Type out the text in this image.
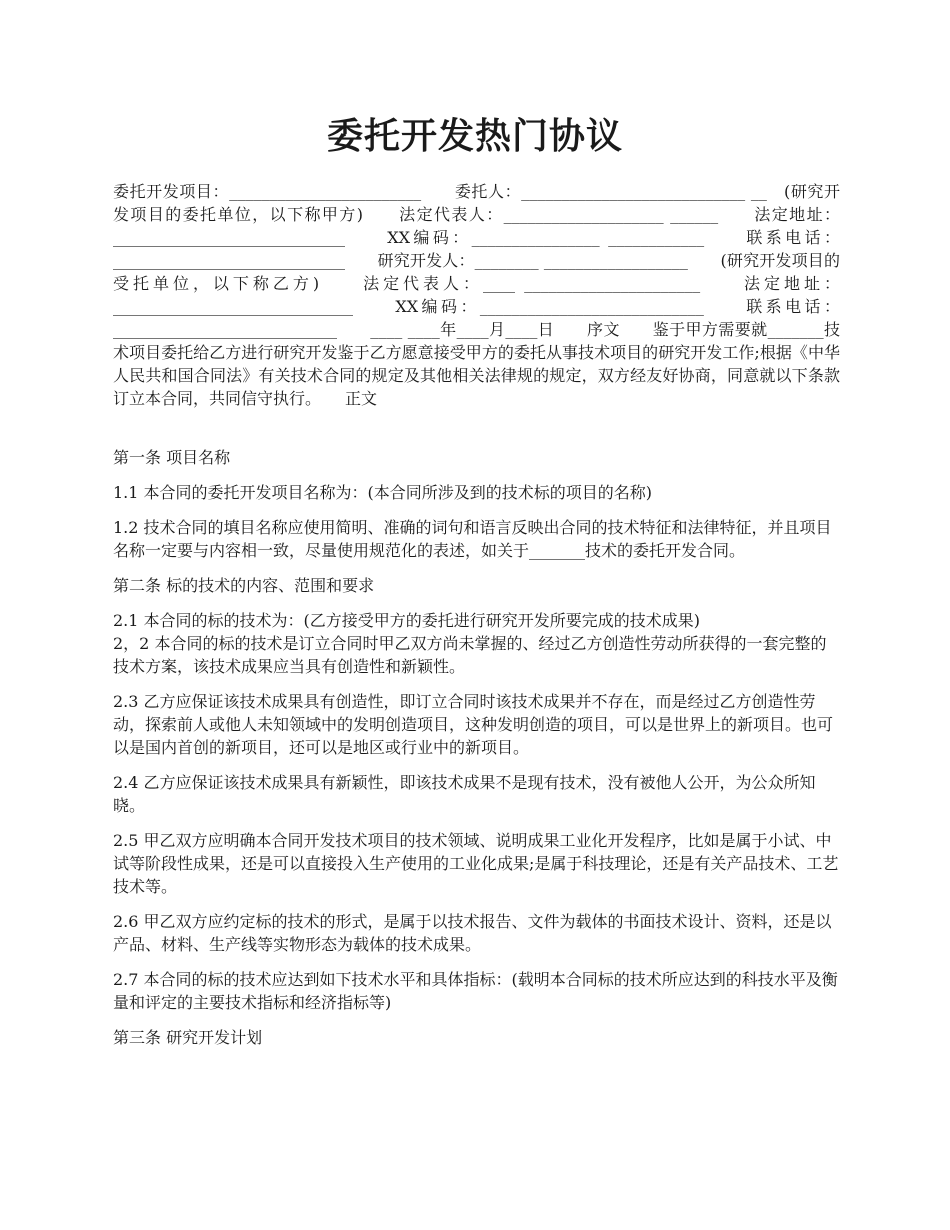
委托开发热门协议
委托开发项目：________________________　　委托人：____________________________ __　(研究开发项目的委托单位，以下称甲方)　　法定代表人：____________________ ______　　法定地址：_____________________________　　XX编码：________________ ____________　　联系电话：_____________________________　　研究开发人：________ __________________　　(研究开发项目的受托单位，以下称乙方)　　法定代表人：____ ______________________　　法定地址：______________________________　　XX编码：____________________________　　联系电话：____________________________　　____ ____年____月____日　　序文　　鉴于甲方需要就_______技术项目委托给乙方进行研究开发鉴于乙方愿意接受甲方的委托从事技术项目的研究开发工作;根据《中华人民共和国合同法》有关技术合同的规定及其他相关法律规的规定，双方经友好协商，同意就以下条款订立本合同，共同信守执行。　　正文

第一条 项目名称

1.1 本合同的委托开发项目名称为：(本合同所涉及到的技术标的项目的名称)

1.2 技术合同的填目名称应使用简明、准确的词句和语言反映出合同的技术特征和法律特征，并且项目名称一定要与内容相一致，尽量使用规范化的表述，如关于_______技术的委托开发合同。

第二条 标的技术的内容、范围和要求

2.1 本合同的标的技术为：(乙方接受甲方的委托进行研究开发所要完成的技术成果)

2，2 本合同的标的技术是订立合同时甲乙双方尚未掌握的、经过乙方创造性劳动所获得的一套完整的技术方案，该技术成果应当具有创造性和新颖性。

2.3 乙方应保证该技术成果具有创造性，即订立合同时该技术成果并不存在，而是经过乙方创造性劳动，探索前人或他人未知领域中的发明创造项目，这种发明创造的项目，可以是世界上的新项目。也可以是国内首创的新项目，还可以是地区或行业中的新项目。

2.4 乙方应保证该技术成果具有新颖性，即该技术成果不是现有技术，没有被他人公开，为公众所知晓。

2.5 甲乙双方应明确本合同开发技术项目的技术领域、说明成果工业化开发程序，比如是属于小试、中试等阶段性成果，还是可以直接投入生产使用的工业化成果;是属于科技理论，还是有关产品技术、工艺技术等。

2.6 甲乙双方应约定标的技术的形式，是属于以技术报告、文件为载体的书面技术设计、资料，还是以产品、材料、生产线等实物形态为载体的技术成果。

2.7 本合同的标的技术应达到如下技术水平和具体指标：(载明本合同标的技术所应达到的科技水平及衡量和评定的主要技术指标和经济指标等)

第三条 研究开发计划
